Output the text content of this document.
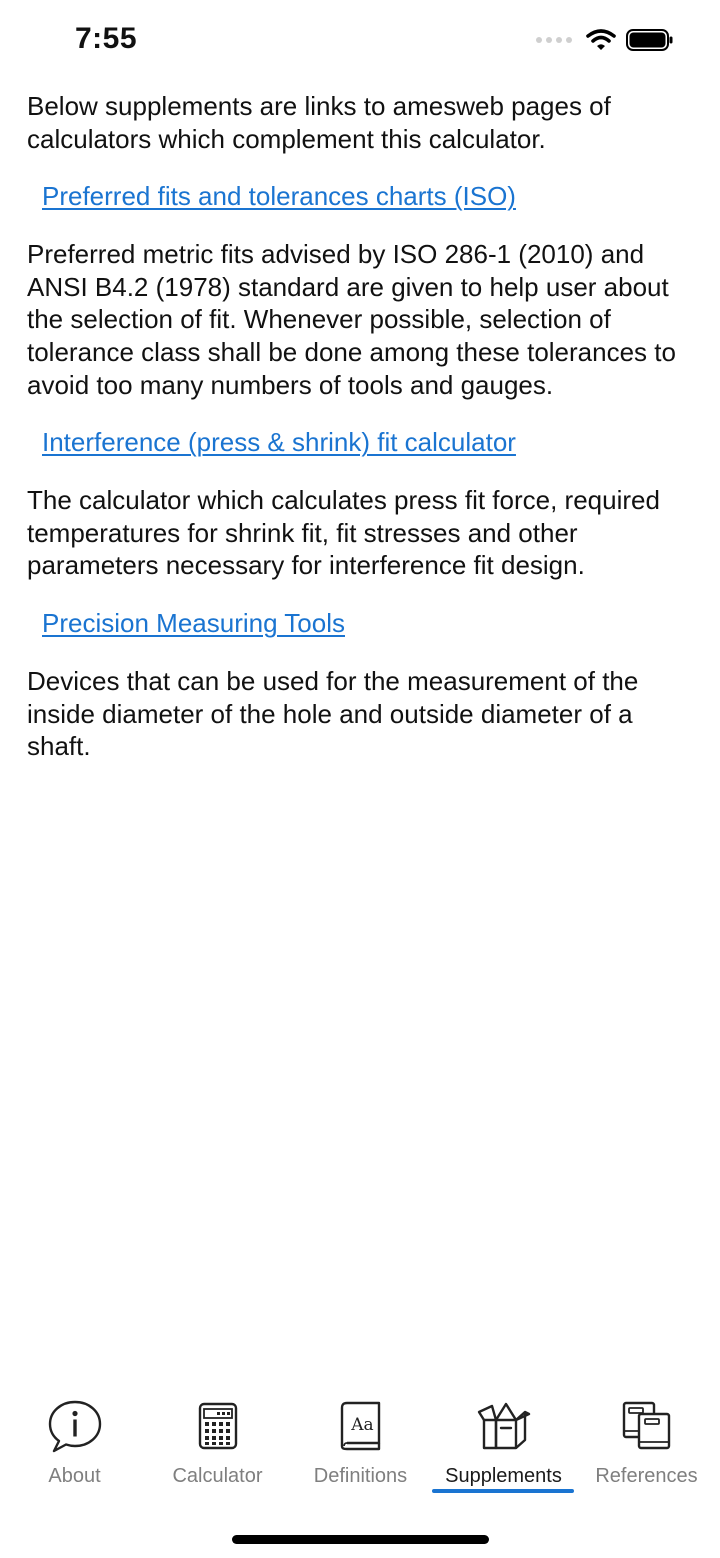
7:55

Below supplements are links to amesweb pages of calculators which complement this calculator.

Preferred fits and tolerances charts (ISO)

Preferred metric fits advised by ISO 286-1 (2010) and ANSI B4.2 (1978) standard are given to help user about the selection of fit. Whenever possible, selection of tolerance class shall be done among these tolerances to avoid too many numbers of tools and gauges.

Interference (press & shrink) fit calculator

The calculator which calculates press fit force, required temperatures for shrink fit, fit stresses and other parameters necessary for interference fit design.

Precision Measuring Tools

Devices that can be used for the measurement of the inside diameter of the hole and outside diameter of a shaft.

About	Calculator
Aa
Definitions	Supplements	References
